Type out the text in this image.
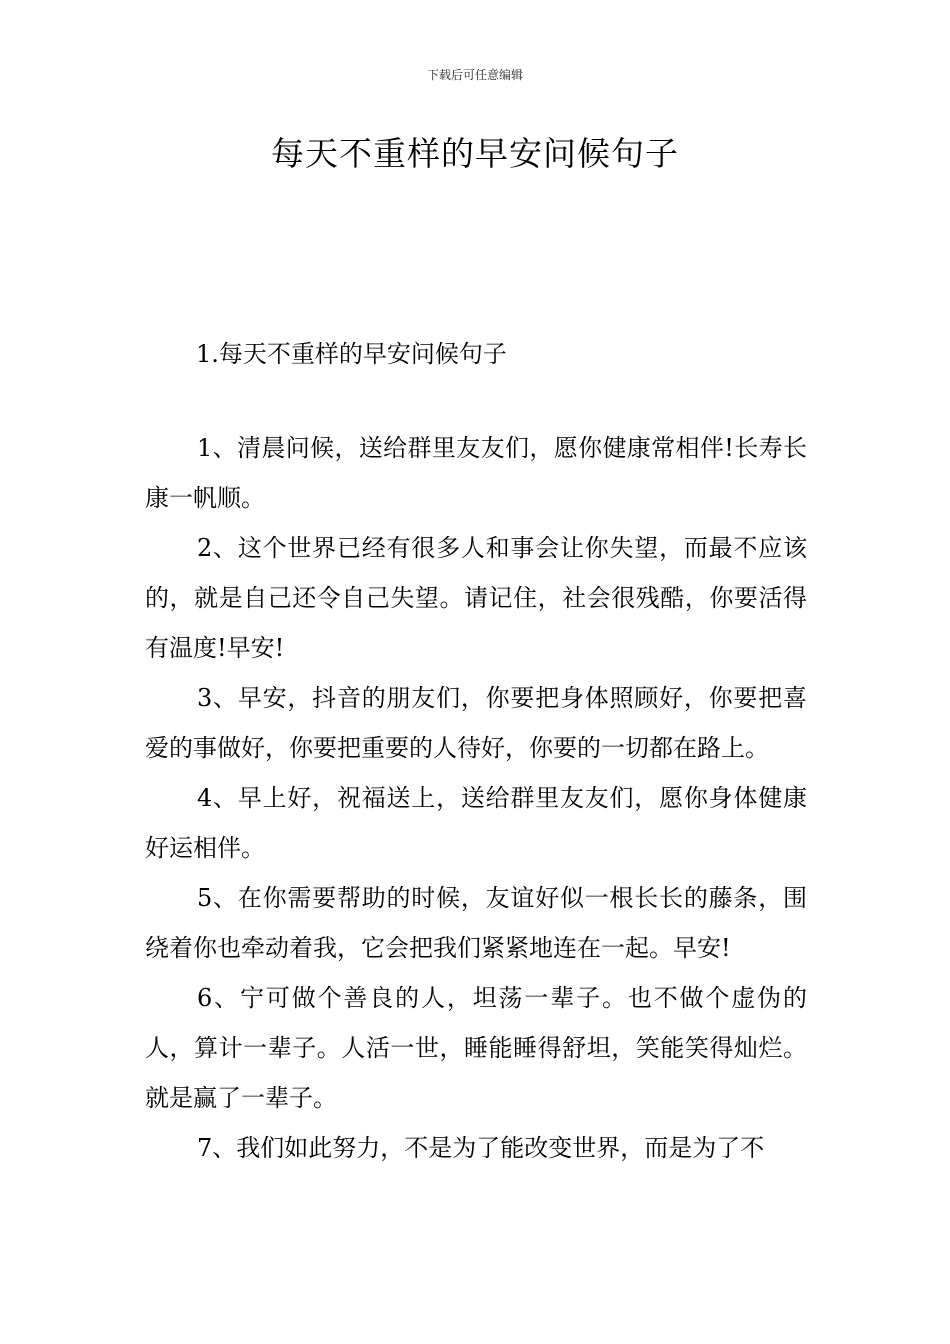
下载后可任意编辑
每天不重样的早安问候句子
1.每天不重样的早安问候句子

1、清晨问候，送给群里友友们，愿你健康常相伴!长寿长康一帆顺。

2、这个世界已经有很多人和事会让你失望，而最不应该的，就是自己还令自己失望。请记住，社会很残酷，你要活得有温度!早安!

3、早安，抖音的朋友们，你要把身体照顾好，你要把喜爱的事做好，你要把重要的人待好，你要的一切都在路上。

4、早上好，祝福送上，送给群里友友们，愿你身体健康好运相伴。

5、在你需要帮助的时候，友谊好似一根长长的藤条，围绕着你也牵动着我，它会把我们紧紧地连在一起。早安!

6、宁可做个善良的人，坦荡一辈子。也不做个虚伪的人，算计一辈子。人活一世，睡能睡得舒坦，笑能笑得灿烂。就是赢了一辈子。

7、我们如此努力，不是为了能改变世界，而是为了不
